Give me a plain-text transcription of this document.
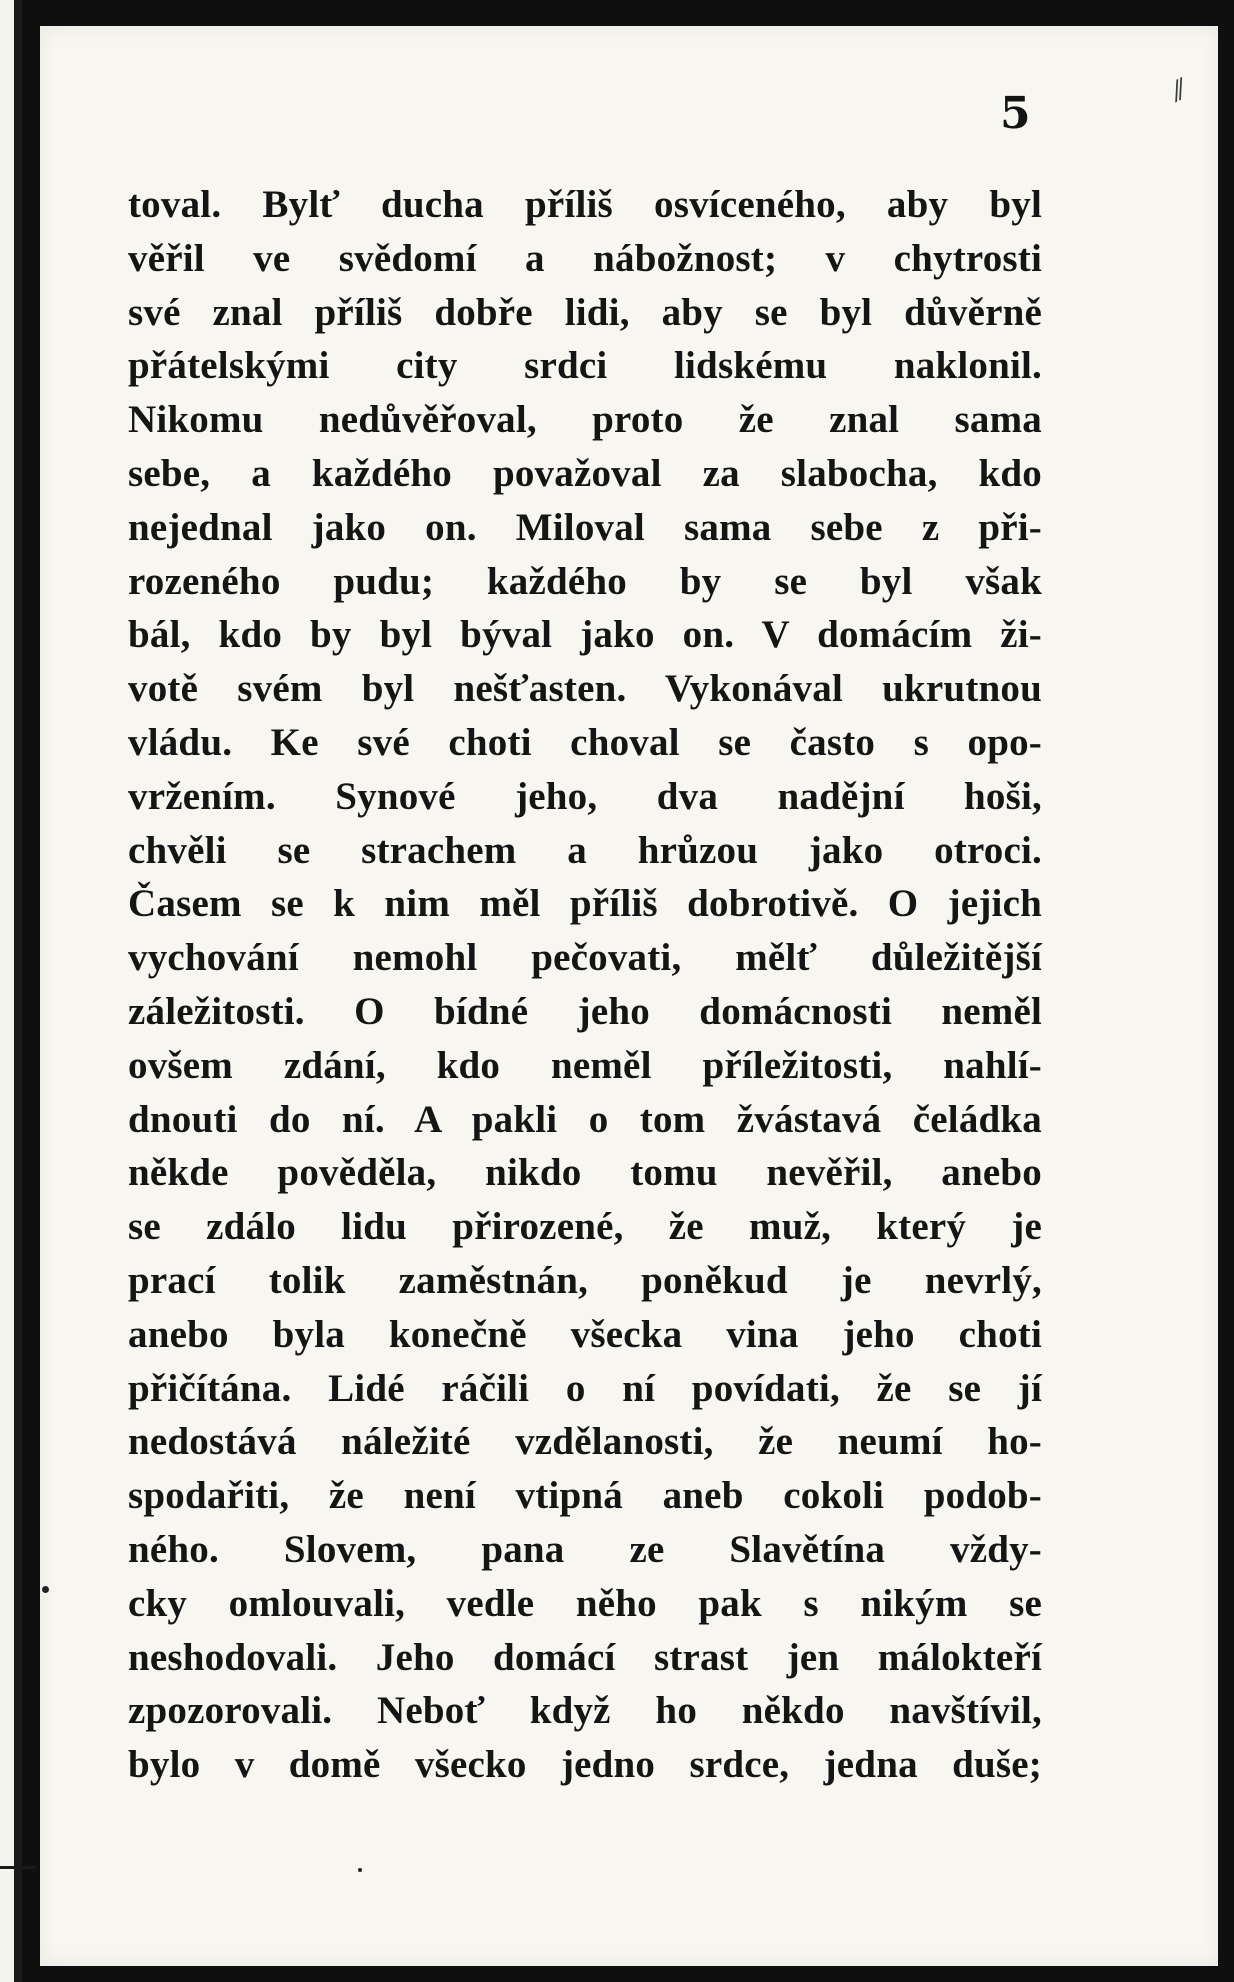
⁄⁄
5
toval. Bylť ducha příliš osvíceného, aby byl
věřil ve svědomí a nábožnost; v chytrosti
své znal příliš dobře lidi, aby se byl důvěrně
přátelskými city srdci lidskému naklonil.
Nikomu nedůvěřoval, proto že znal sama
sebe, a každého považoval za slabocha, kdo
nejednal jako on. Miloval sama sebe z při-
rozeného pudu; každého by se byl však
bál, kdo by byl býval jako on. V domácím ži-
votě svém byl nešťasten. Vykonával ukrutnou
vládu. Ke své choti choval se často s opo-
vržením. Synové jeho, dva nadějní hoši,
chvěli se strachem a hrůzou jako otroci.
Časem se k nim měl příliš dobrotivě. O jejich
vychování nemohl pečovati, mělť důležitější
záležitosti. O bídné jeho domácnosti neměl
ovšem zdání, kdo neměl příležitosti, nahlí-
dnouti do ní. A pakli o tom žvástavá čeládka
někde pověděla, nikdo tomu nevěřil, anebo
se zdálo lidu přirozené, že muž, který je
prací tolik zaměstnán, poněkud je nevrlý,
anebo byla konečně všecka vina jeho choti
přičítána. Lidé ráčili o ní povídati, že se jí
nedostává náležité vzdělanosti, že neumí ho-
spodařiti, že není vtipná aneb cokoli podob-
ného. Slovem, pana ze Slavětína vždy-
cky omlouvali, vedle něho pak s nikým se
neshodovali. Jeho domácí strast jen málokteří
zpozorovali. Neboť když ho někdo navštívil,
bylo v domě všecko jedno srdce, jedna duše;
